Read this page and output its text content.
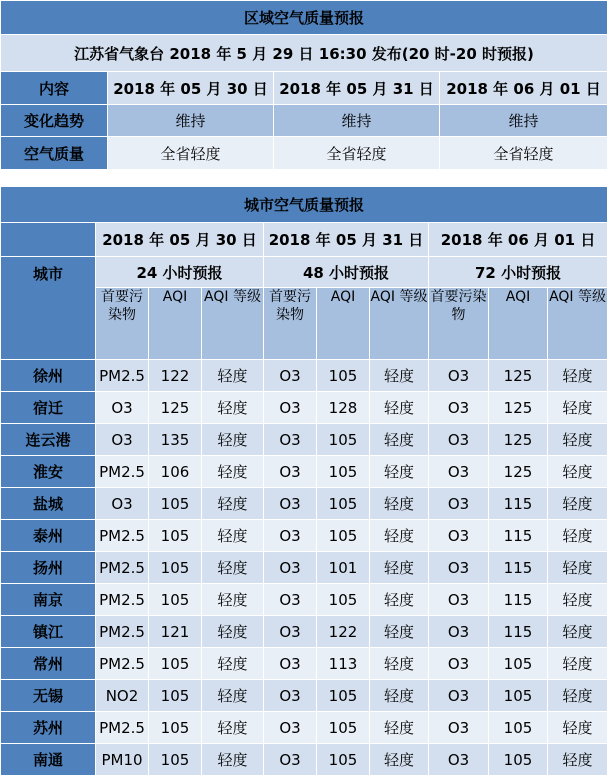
区域空气质量预报			
江苏省气象台 2018 年 5 月 29 日 16:30 发布(20 时-20 时预报)			
内容	2018 年 05 月 30 日	2018 年 05 月 31 日	2018 年 06 月 01 日
变化趋势	维持	维持	维持
空气质量	全省轻度	全省轻度	全省轻度
城市空气质量预报									
	2018 年 05 月 30 日			2018 年 05 月 31 日			2018 年 06 月 01 日		
城市	24 小时预报			48 小时预报			72 小时预报		
	首要污染物	AQI	AQI 等级	首要污染物	AQI	AQI 等级	首要污染物	AQI	AQI 等级
徐州	PM2.5	122	轻度	O3	105	轻度	O3	125	轻度
宿迁	O3	125	轻度	O3	128	轻度	O3	125	轻度
连云港	O3	135	轻度	O3	105	轻度	O3	125	轻度
淮安	PM2.5	106	轻度	O3	105	轻度	O3	125	轻度
盐城	O3	105	轻度	O3	105	轻度	O3	115	轻度
泰州	PM2.5	105	轻度	O3	105	轻度	O3	115	轻度
扬州	PM2.5	105	轻度	O3	101	轻度	O3	115	轻度
南京	PM2.5	105	轻度	O3	105	轻度	O3	115	轻度
镇江	PM2.5	121	轻度	O3	122	轻度	O3	115	轻度
常州	PM2.5	105	轻度	O3	113	轻度	O3	105	轻度
无锡	NO2	105	轻度	O3	105	轻度	O3	105	轻度
苏州	PM2.5	105	轻度	O3	105	轻度	O3	105	轻度
南通	PM10	105	轻度	O3	105	轻度	O3	105	轻度
